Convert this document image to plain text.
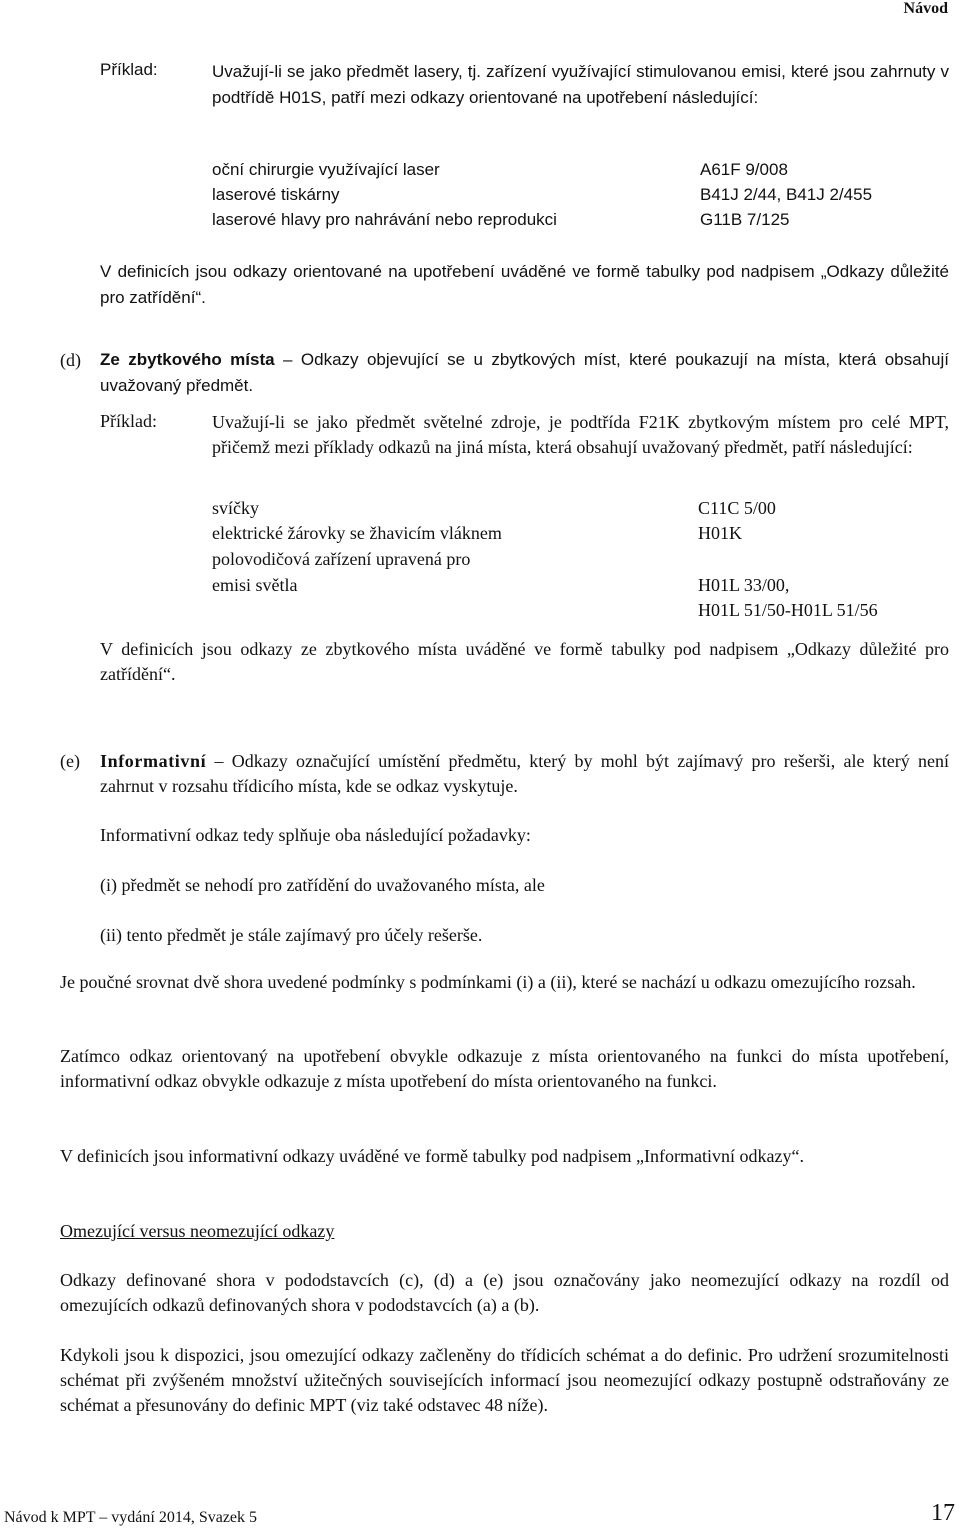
Návod
Příklad:	Uvažují-li se jako předmět lasery, tj. zařízení využívající stimulovanou emisi, které jsou zahrnuty v podtřídě H01S, patří mezi odkazy orientované na upotřebení následující:
oční chirurgie využívající laser	A61F 9/008
laserové tiskárny	B41J 2/44, B41J 2/455
laserové hlavy pro nahrávání nebo reprodukci	G11B 7/125
V definicích jsou odkazy orientované na upotřebení uváděné ve formě tabulky pod nadpisem „Odkazy důležité pro zatřídění“.
(d) Ze zbytkového místa – Odkazy objevující se u zbytkových míst, které poukazují na místa, která obsahují uvažovaný předmět.
Příklad:	Uvažují-li se jako předmět světelné zdroje, je podtřída F21K zbytkovým místem pro celé MPT, přičemž mezi příklady odkazů na jiná místa, která obsahují uvažovaný předmět, patří následující:
svíčky	C11C 5/00
elektrické žárovky se žhavicím vláknem	H01K
polovodičová zařízení upravená pro
emisi světla	H01L 33/00,
H01L 51/50-H01L 51/56
V definicích jsou odkazy ze zbytkového místa uváděné ve formě tabulky pod nadpisem „Odkazy důležité pro zatřídění“.
(e) Informativní – Odkazy označující umístění předmětu, který by mohl být zajímavý pro rešerši, ale který není zahrnut v rozsahu třídicího místa, kde se odkaz vyskytuje.
Informativní odkaz tedy splňuje oba následující požadavky:
(i) předmět se nehodí pro zatřídění do uvažovaného místa, ale
(ii) tento předmět je stále zajímavý pro účely rešerše.
Je poučné srovnat dvě shora uvedené podmínky s podmínkami (i) a (ii), které se nachází u odkazu omezujícího rozsah.
Zatímco odkaz orientovaný na upotřebení obvykle odkazuje z místa orientovaného na funkci do místa upotřebení, informativní odkaz obvykle odkazuje z místa upotřebení do místa orientovaného na funkci.
V definicích jsou informativní odkazy uváděné ve formě tabulky pod nadpisem „Informativní odkazy“.
Omezující versus neomezující odkazy
Odkazy definované shora v pododstavcích (c), (d) a (e) jsou označovány jako neomezující odkazy na rozdíl od omezujících odkazů definovaných shora v pododstavcích (a) a (b).
Kdykoli jsou k dispozici, jsou omezující odkazy začleněny do třídicích schémat a do definic. Pro udržení srozumitelnosti schémat při zvýšeném množství užitečných souvisejících informací jsou neomezující odkazy postupně odstraňovány ze schémat a přesunovány do definic MPT (viz také odstavec 48 níže).
Návod k MPT – vydání 2014, Svazek 5	17
